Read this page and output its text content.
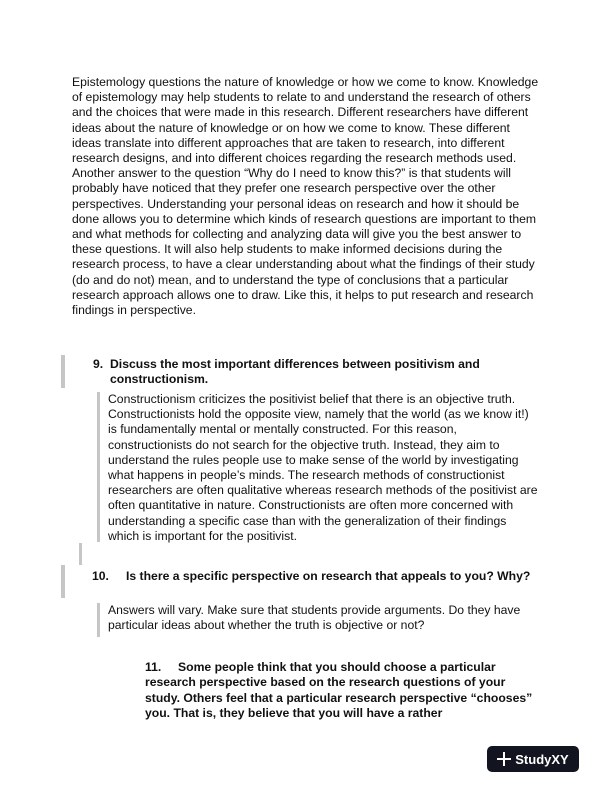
Epistemology questions the nature of knowledge or how we come to know. Knowledge of epistemology may help students to relate to and understand the research of others and the choices that were made in this research. Different researchers have different ideas about the nature of knowledge or on how we come to know. These different ideas translate into different approaches that are taken to research, into different research designs, and into different choices regarding the research methods used. Another answer to the question “Why do I need to know this?” is that students will probably have noticed that they prefer one research perspective over the other perspectives. Understanding your personal ideas on research and how it should be done allows you to determine which kinds of research questions are important to them and what methods for collecting and analyzing data will give you the best answer to these questions. It will also help students to make informed decisions during the research process, to have a clear understanding about what the findings of their study (do and do not) mean, and to understand the type of conclusions that a particular research approach allows one to draw. Like this, it helps to put research and research findings in perspective.

9. Discuss the most important differences between positivism and constructionism.

Constructionism criticizes the positivist belief that there is an objective truth. Constructionists hold the opposite view, namely that the world (as we know it!) is fundamentally mental or mentally constructed. For this reason, constructionists do not search for the objective truth. Instead, they aim to understand the rules people use to make sense of the world by investigating what happens in people’s minds. The research methods of constructionist researchers are often qualitative whereas research methods of the positivist are often quantitative in nature. Constructionists are often more concerned with understanding a specific case than with the generalization of their findings which is important for the positivist.

10. Is there a specific perspective on research that appeals to you? Why?

Answers will vary. Make sure that students provide arguments. Do they have particular ideas about whether the truth is objective or not?

11.	Some people think that you should choose a particular research perspective based on the research questions of your study. Others feel that a particular research perspective “chooses” you. That is, they believe that you will have a rather

StudyXY
